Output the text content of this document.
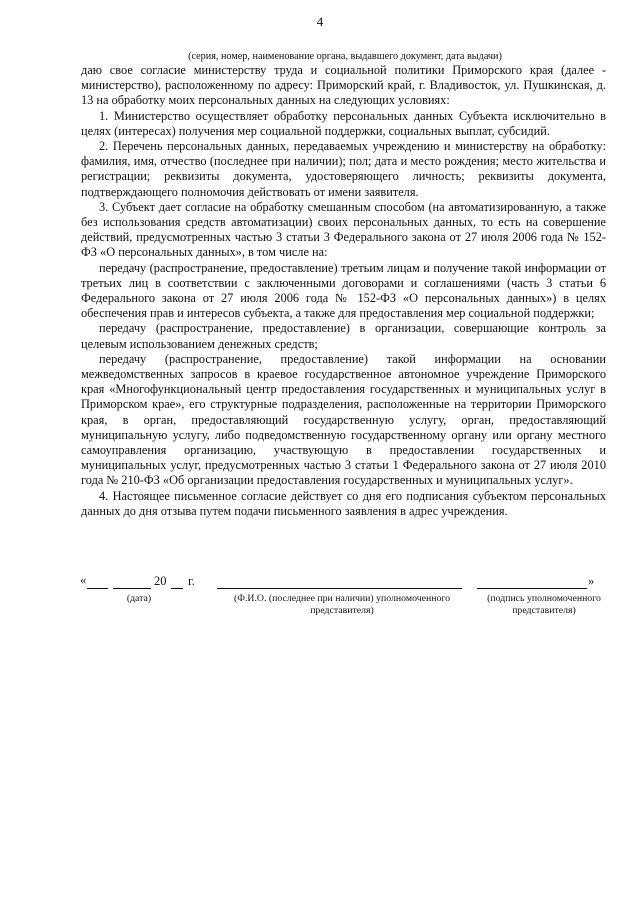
4
(серия, номер, наименование органа, выдавшего документ, дата выдачи)

даю свое согласие министерству труда и социальной политики Приморского края (далее - министерство), расположенному по адресу: Приморский край, г. Владивосток, ул. Пушкинская, д. 13 на обработку моих персональных данных на следующих условиях:

1. Министерство осуществляет обработку персональных данных Субъекта исключительно в целях (интересах) получения мер социальной поддержки, социальных выплат, субсидий.

2. Перечень персональных данных, передаваемых учреждению и министерству на обработку: фамилия, имя, отчество (последнее при наличии); пол; дата и место рождения; место жительства и регистрации; реквизиты документа, удостоверяющего личность; реквизиты документа, подтверждающего полномочия действовать от имени заявителя.

3. Субъект дает согласие на обработку смешанным способом (на автоматизированную, а также без использования средств автоматизации) своих персональных данных, то есть на совершение действий, предусмотренных частью 3 статьи 3 Федерального закона от 27 июля 2006 года № 152-ФЗ «О персональных данных», в том числе на:

передачу (распространение, предоставление) третьим лицам и получение такой информации от третьих лиц в соответствии с заключенными договорами и соглашениями (часть 3 статьи 6 Федерального закона от 27 июля 2006 года № 152-ФЗ «О персональных данных») в целях обеспечения прав и интересов субъекта, а также для предоставления мер социальной поддержки;

передачу (распространение, предоставление) в организации, совершающие контроль за целевым использованием денежных средств;

передачу (распространение, предоставление) такой информации на основании межведомственных запросов в краевое государственное автономное учреждение Приморского края «Многофункциональный центр предоставления государственных и муниципальных услуг в Приморском крае», его структурные подразделения, расположенные на территории Приморского края, в орган, предоставляющий государственную услугу, орган, предоставляющий муниципальную услугу, либо подведомственную государственному органу или органу местного самоуправления организацию, участвующую в предоставлении государственных и муниципальных услуг, предусмотренных частью 3 статьи 1 Федерального закона от 27 июля 2010 года № 210-ФЗ «Об организации предоставления государственных и муниципальных услуг».

4. Настоящее письменное согласие действует со дня его подписания субъектом персональных данных до дня отзыва путем подачи письменного заявления в адрес учреждения.

«	20 г.	»
(дата)	(Ф.И.О. (последнее при наличии) уполномоченного представителя)
(подпись уполномоченного представителя)
